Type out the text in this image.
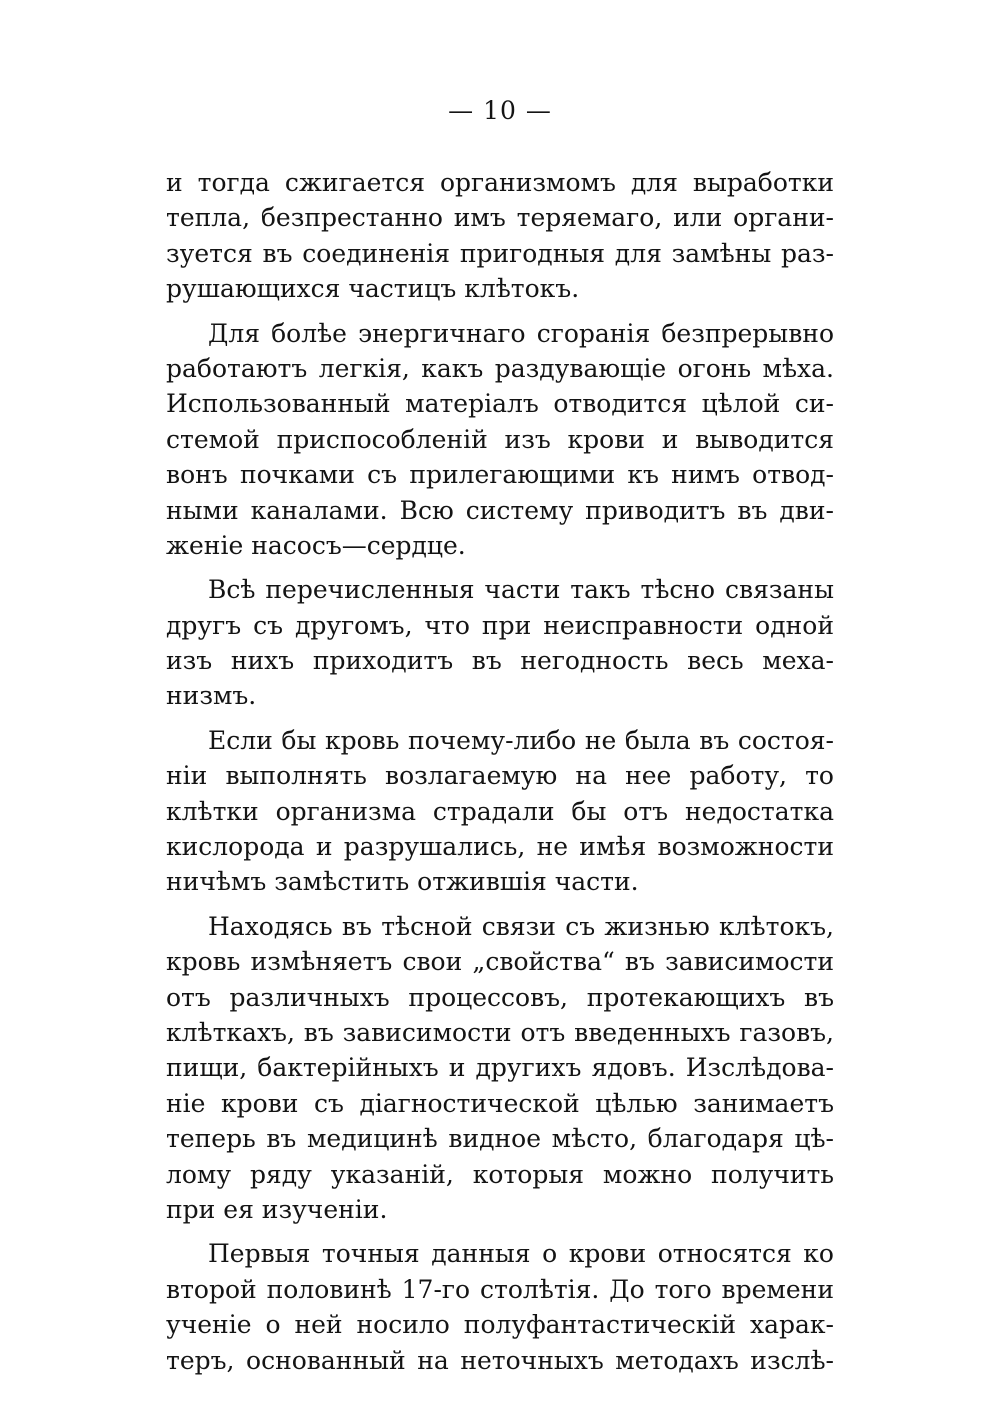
— 10 —

и тогда сжигается организмомъ для выработки
тепла, безпрестанно имъ теряемаго, или органи-
зуется въ соединенія пригодныя для замѣны раз-
рушающихся частицъ клѣтокъ.

Для болѣе энергичнаго сгоранія безпрерывно
работаютъ легкія, какъ раздувающіе огонь мѣха.
Использованный матеріалъ отводится цѣлой си-
стемой приспособленій изъ крови и выводится
вонъ почками съ прилегающими къ нимъ отвод-
ными каналами. Всю систему приводитъ въ дви-
женіе насосъ—сердце.

Всѣ перечисленныя части такъ тѣсно связаны
другъ съ другомъ, что при неисправности одной
изъ нихъ приходитъ въ негодность весь меха-
низмъ.

Если бы кровь почему-либо не была въ состоя-
ніи выполнять возлагаемую на нее работу, то
клѣтки организма страдали бы отъ недостатка
кислорода и разрушались, не имѣя возможности
ничѣмъ замѣстить отжившія части.

Находясь въ тѣсной связи съ жизнью клѣтокъ,
кровь измѣняетъ свои „свойства“ въ зависимости
отъ различныхъ процессовъ, протекающихъ въ
клѣткахъ, въ зависимости отъ введенныхъ газовъ,
пищи, бактерійныхъ и другихъ ядовъ. Изслѣдова-
ніе крови съ діагностической цѣлью занимаетъ
теперь въ медицинѣ видное мѣсто, благодаря цѣ-
лому ряду указаній, которыя можно получить
при ея изученіи.

Первыя точныя данныя о крови относятся ко
второй половинѣ 17-го столѣтія. До того времени
ученіе о ней носило полуфантастическій харак-
теръ, основанный на неточныхъ методахъ изслѣ-
